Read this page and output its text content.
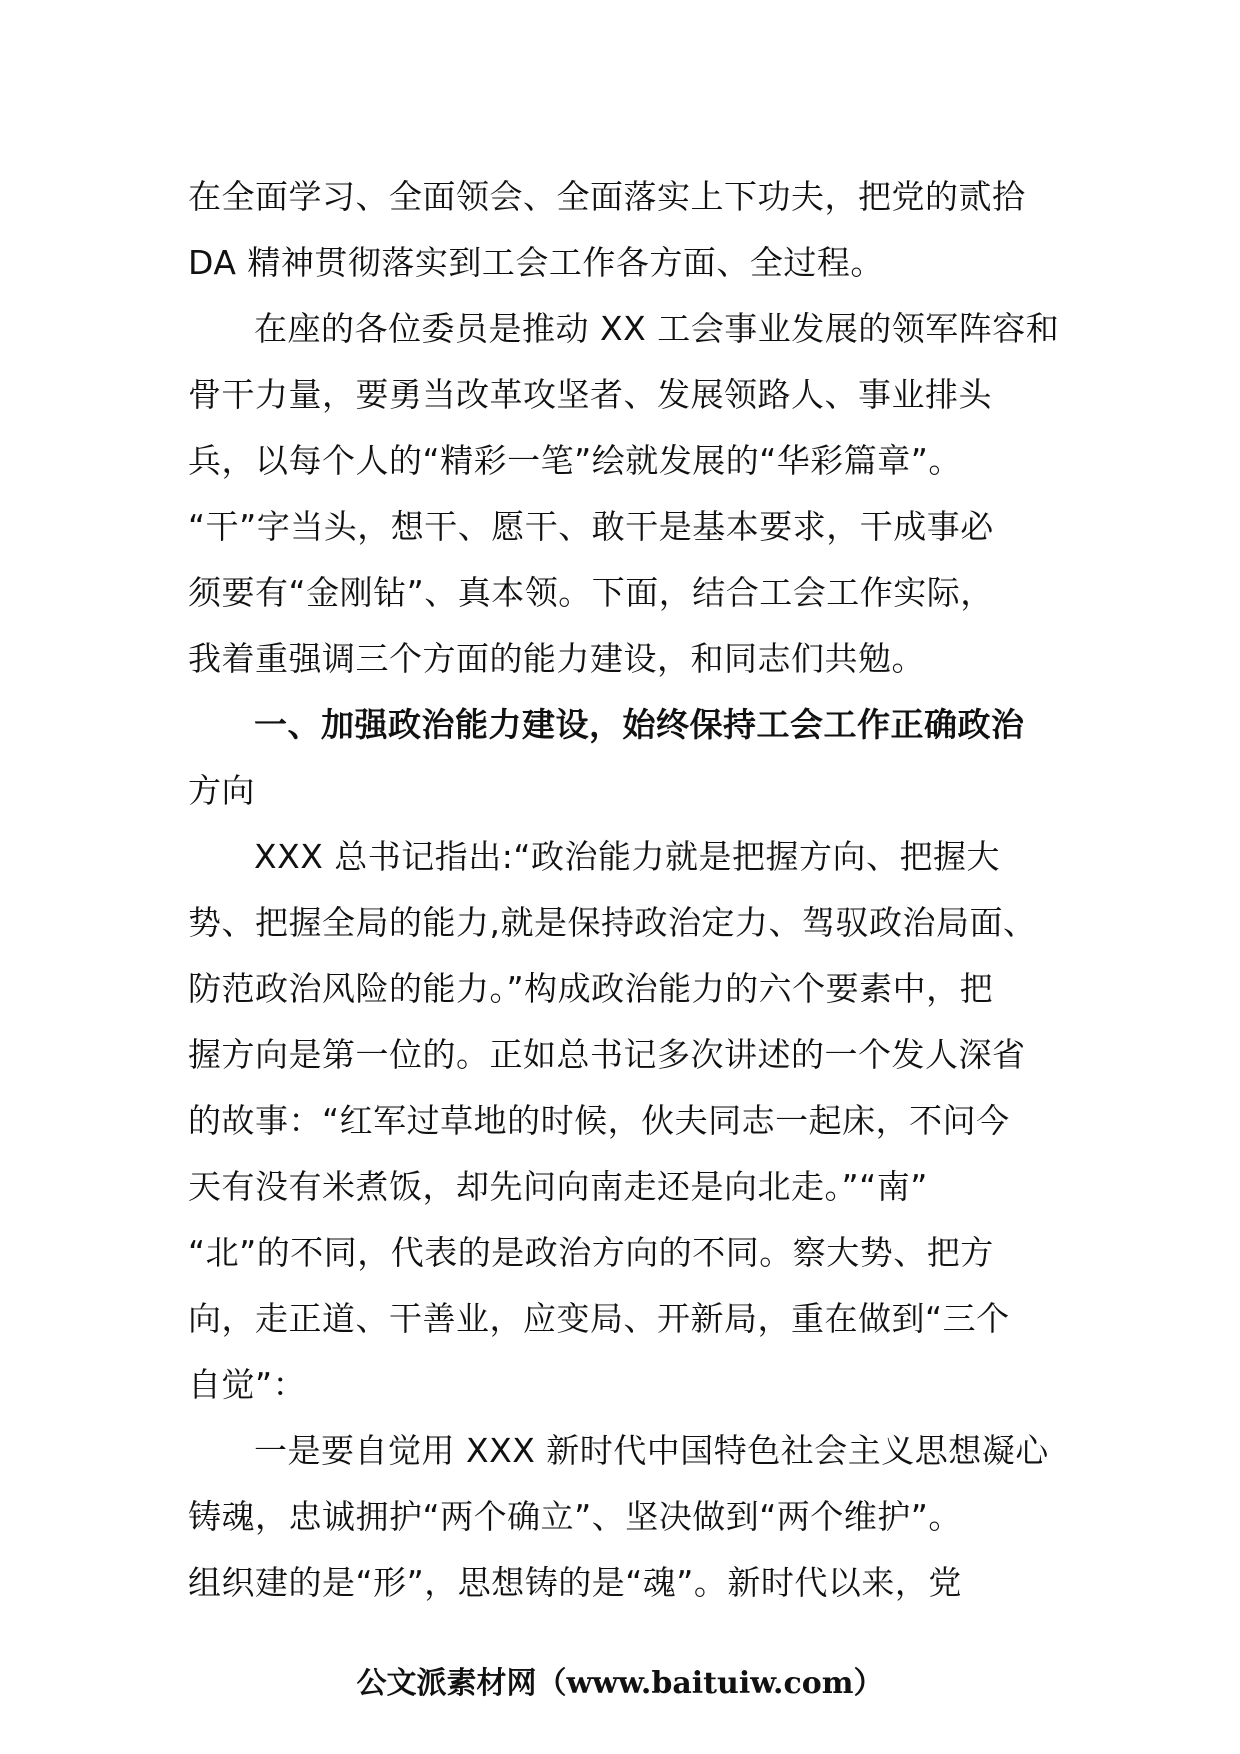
在全面学习、全面领会、全面落实上下功夫，把党的贰拾
DA 精神贯彻落实到工会工作各方面、全过程。
在座的各位委员是推动 XX 工会事业发展的领军阵容和
骨干力量，要勇当改革攻坚者、发展领路人、事业排头
兵，以每个人的“精彩一笔”绘就发展的“华彩篇章”。
“干”字当头，想干、愿干、敢干是基本要求，干成事必
须要有“金刚钻”、真本领。下面，结合工会工作实际，
我着重强调三个方面的能力建设，和同志们共勉。
一、加强政治能力建设，始终保持工会工作正确政治
方向
XXX 总书记指出:“政治能力就是把握方向、把握大
势、把握全局的能力,就是保持政治定力、驾驭政治局面、
防范政治风险的能力。”构成政治能力的六个要素中，把
握方向是第一位的。正如总书记多次讲述的一个发人深省
的故事：“红军过草地的时候，伙夫同志一起床，不问今
天有没有米煮饭，却先问向南走还是向北走。”“南”
“北”的不同，代表的是政治方向的不同。察大势、把方
向，走正道、干善业，应变局、开新局，重在做到“三个
自觉”：
一是要自觉用 XXX 新时代中国特色社会主义思想凝心
铸魂，忠诚拥护“两个确立”、坚决做到“两个维护”。
组织建的是“形”，思想铸的是“魂”。新时代以来，党
公文派素材网（www.baituiw.com）
